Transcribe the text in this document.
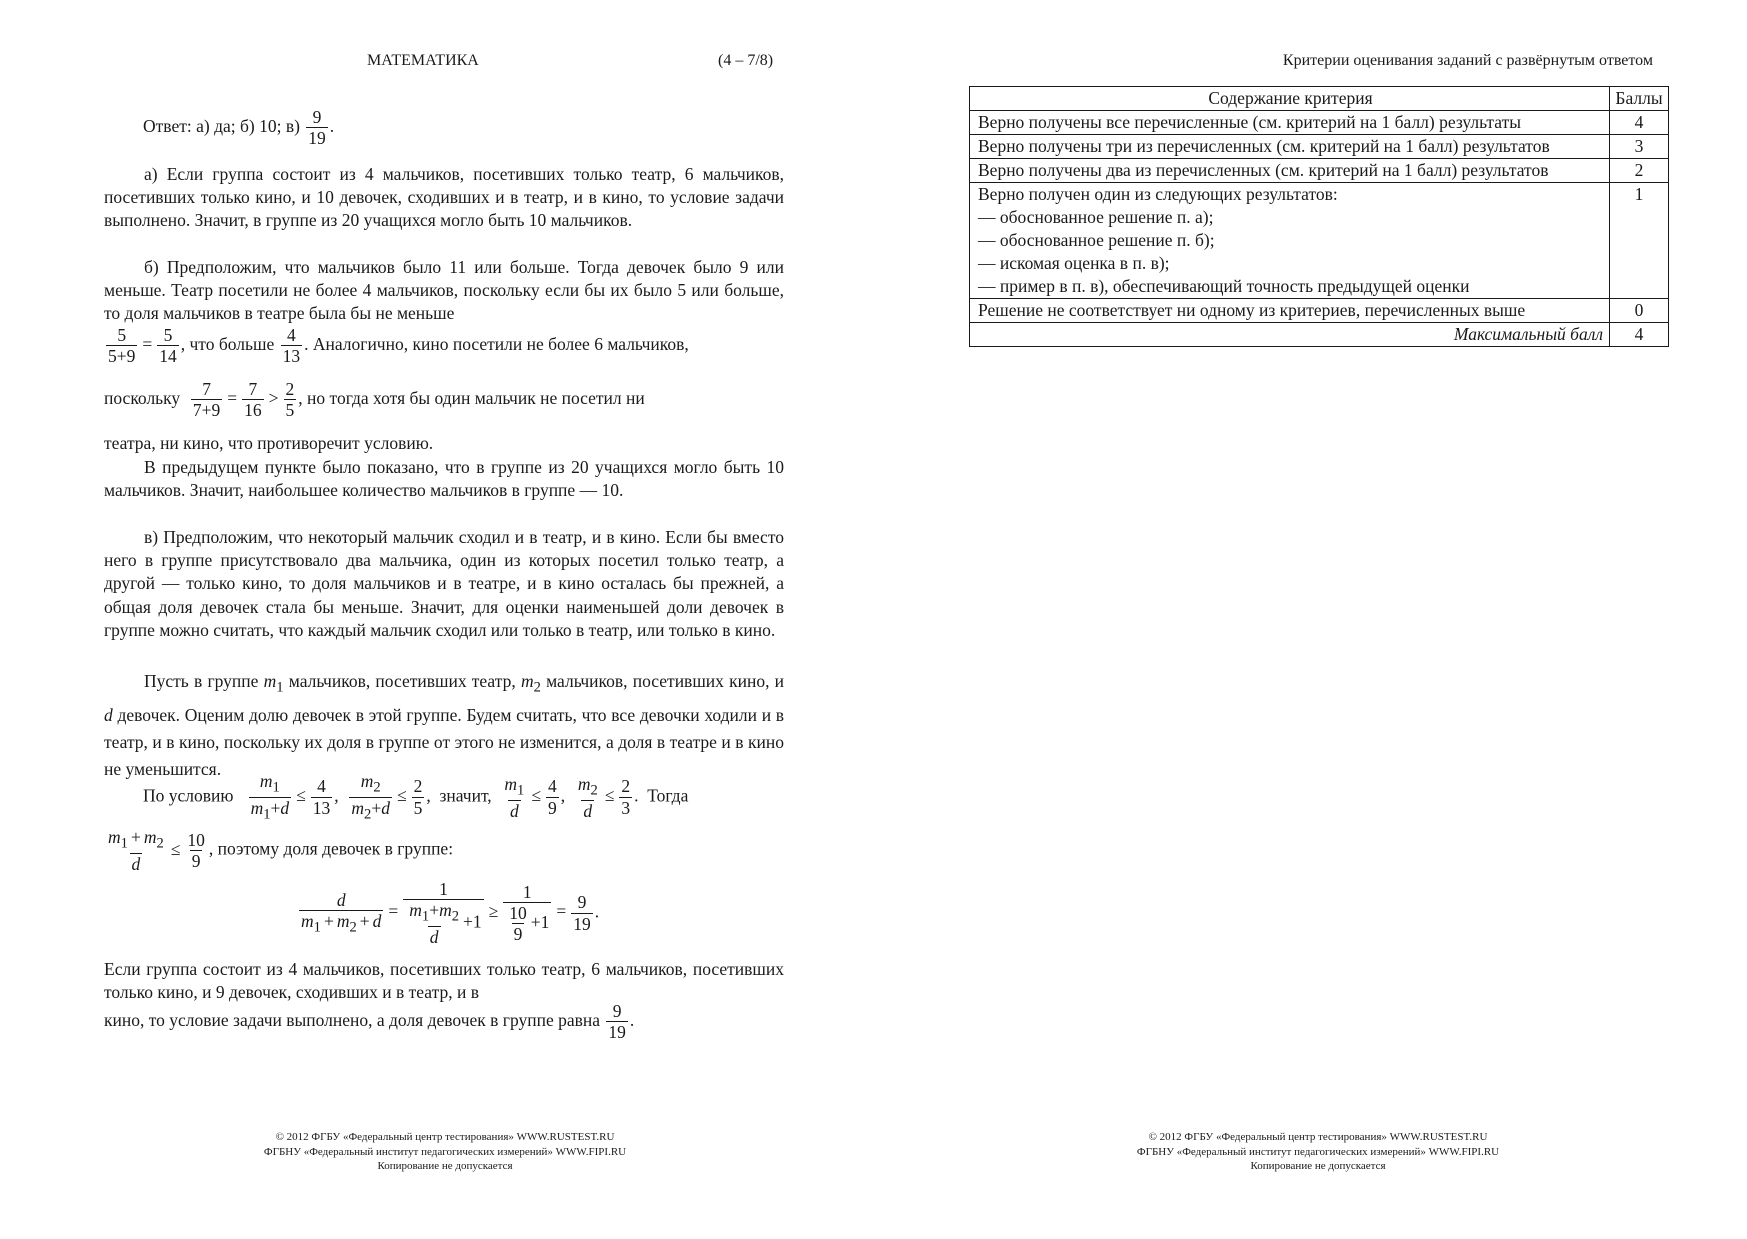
МАТЕМАТИКА	(4 – 7/8)
Ответ: а) да; б) 10; $в) \frac{9}{19}$ .
а) Если группа состоит из 4 мальчиков, посетивших только театр, 6 мальчиков, посетивших только кино, и 10 девочек, сходивших и в театр, и в кино, то условие задачи выполнено. Значит, в группе из 20 учащихся могло быть 10 мальчиков.
б) Предположим, что мальчиков было 11 или больше. Тогда девочек было 9 или меньше. Театр посетили не более 4 мальчиков, поскольку если бы их было 5 или больше, то доля мальчиков в театре была бы не меньше
$\frac{5}{5+9} = \frac{5}{14}$ , что больше $\frac{4}{13}$ . Аналогично, кино посетили не более 6 мальчиков,
поскольку $\frac{7}{7+9} = \frac{7}{16} > \frac{2}{5}$ , но тогда хотя бы один мальчик не посетил ни
театра, ни кино, что противоречит условию.
В предыдущем пункте было показано, что в группе из 20 учащихся могло быть 10 мальчиков. Значит, наибольшее количество мальчиков в группе — 10.
в) Предположим, что некоторый мальчик сходил и в театр, и в кино. Если бы вместо него в группе присутствовало два мальчика, один из которых посетил только театр, а другой — только кино, то доля мальчиков и в театре, и в кино осталась бы прежней, а общая доля девочек стала бы меньше. Значит, для оценки наименьшей доли девочек в группе можно считать, что каждый мальчик сходил или только в театр, или только в кино.
Пусть в группе $m_1$ мальчиков, посетивших театр, $m_2$ мальчиков, посетивших кино, и d девочек. Оценим долю девочек в этой группе. Будем считать, что все девочки ходили и в театр, и в кино, поскольку их доля в группе от этого не изменится, а доля в театре и в кино не уменьшится.
По условию $\frac{m_1}{m_1+d} \le \frac{4}{13}$ , $\frac{m_2}{m_2+d} \le \frac{2}{5}$ , значит, $\frac{m_1}{d} \le \frac{4}{9}$ , $\frac{m_2}{d} \le \frac{2}{3}$ . Тогда
$\frac{m_1 + m_2}{d} \le \frac{10}{9}$ , поэтому доля девочек в группе:
$\frac{d}{m_1 + m_2 + d} = \frac{1}{\frac{m_1+m_2}{d} +1} \ge \frac{1}{\frac{10}{9} +1} = \frac{9}{19}$ .
Если группа состоит из 4 мальчиков, посетивших только театр, 6 мальчиков, посетивших только кино, и 9 девочек, сходивших и в театр, и в
кино, то условие задачи выполнено, а доля девочек в группе равна $\frac{9}{19}$ .
© 2012 ФГБУ «Федеральный центр тестирования» WWW.RUSTEST.RU
ФГБНУ «Федеральный институт педагогических измерений» WWW.FIPI.RU
Копирование не допускается
Критерии оценивания заданий с развёрнутым ответом
Содержание критерия	Баллы
Верно получены все перечисленные (см. критерий на 1 балл) результаты	4
Верно получены три из перечисленных (см. критерий на 1 балл) результатов	3
Верно получены два из перечисленных (см. критерий на 1 балл) результатов	2

Верно получен один из следующих результатов:
— обоснованное решение п. а);
— обоснованное решение п. б);
— искомая оценка в п. в);
— пример в п. в), обеспечивающий точность предыдущей оценки	1
Решение не соответствует ни одному из критериев, перечисленных выше	0
Максимальный балл	4
© 2012 ФГБУ «Федеральный центр тестирования» WWW.RUSTEST.RU
ФГБНУ «Федеральный институт педагогических измерений» WWW.FIPI.RU
Копирование не допускается
